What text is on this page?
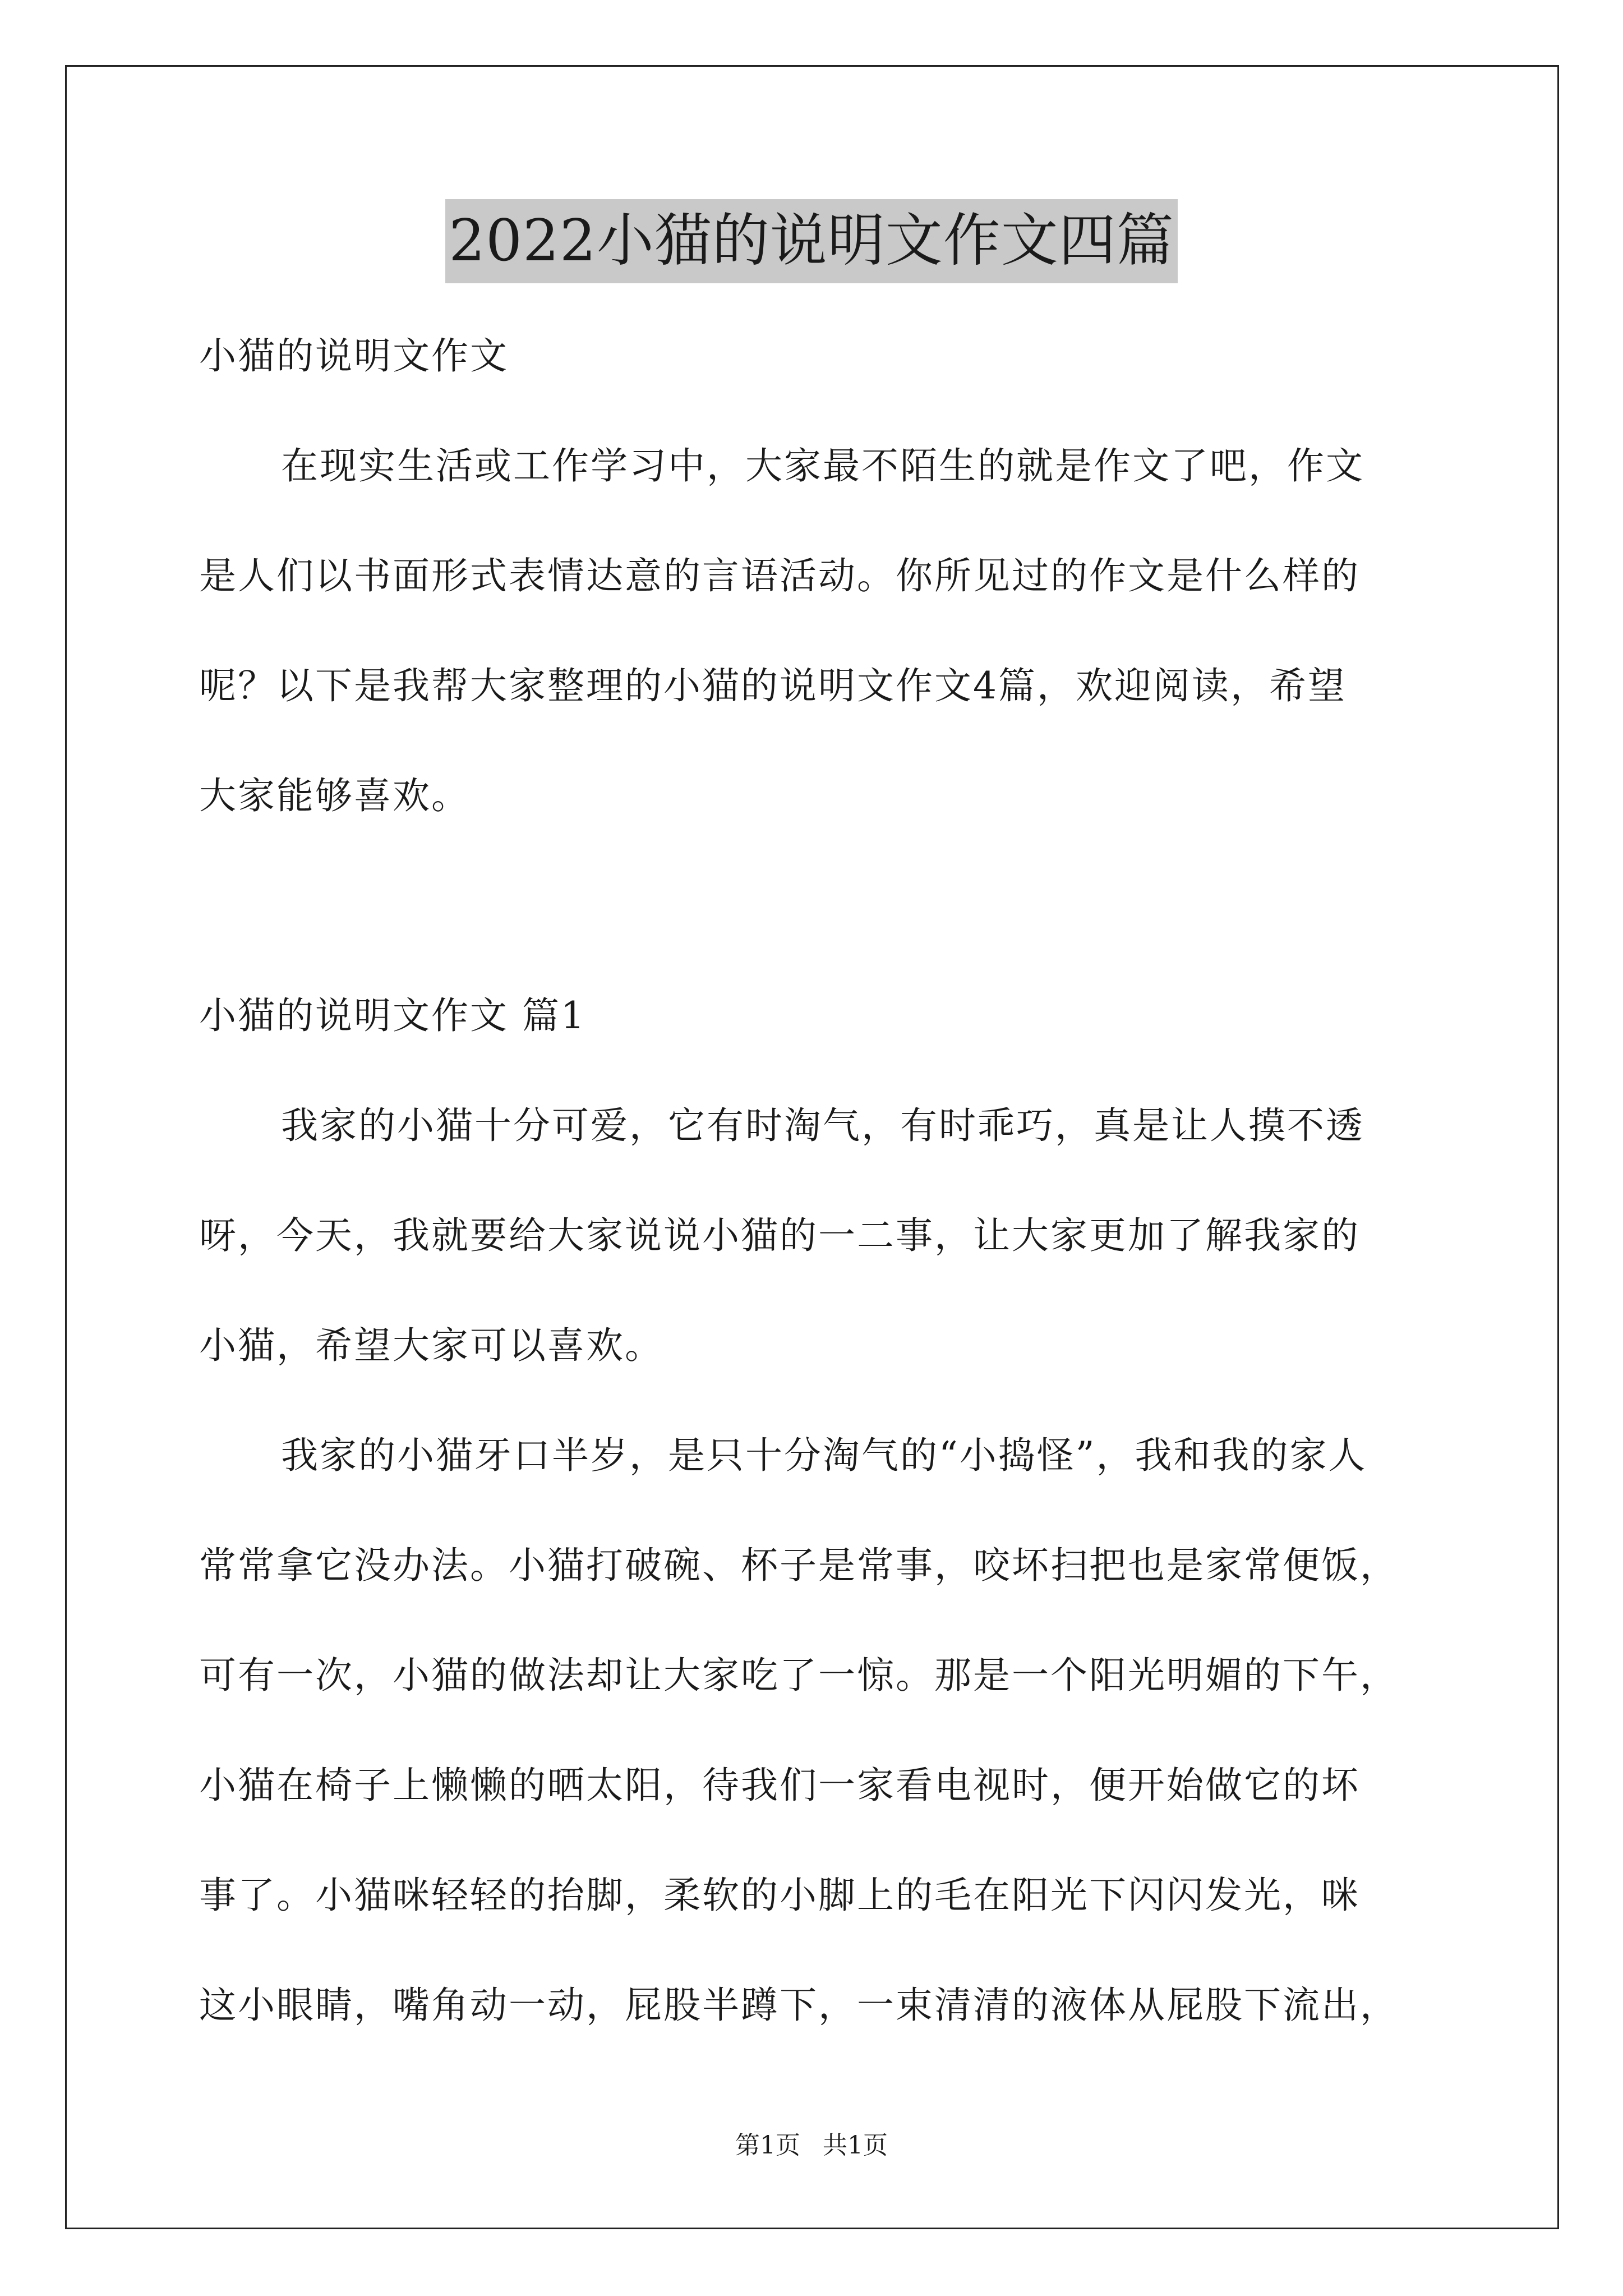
2022小猫的说明文作文四篇
小猫的说明文作文
在现实生活或工作学习中，大家最不陌生的就是作文了吧，作文
是人们以书面形式表情达意的言语活动。你所见过的作文是什么样的
呢？以下是我帮大家整理的小猫的说明文作文4篇，欢迎阅读，希望
大家能够喜欢。
小猫的说明文作文 篇1
我家的小猫十分可爱，它有时淘气，有时乖巧，真是让人摸不透
呀，今天，我就要给大家说说小猫的一二事，让大家更加了解我家的
小猫，希望大家可以喜欢。
我家的小猫牙口半岁，是只十分淘气的“小捣怪”，我和我的家人
常常拿它没办法。小猫打破碗、杯子是常事，咬坏扫把也是家常便饭，
可有一次，小猫的做法却让大家吃了一惊。那是一个阳光明媚的下午，
小猫在椅子上懒懒的晒太阳，待我们一家看电视时，便开始做它的坏
事了。小猫咪轻轻的抬脚，柔软的小脚上的毛在阳光下闪闪发光，咪
这小眼睛，嘴角动一动，屁股半蹲下，一束清清的液体从屁股下流出，
第1页 共1页
